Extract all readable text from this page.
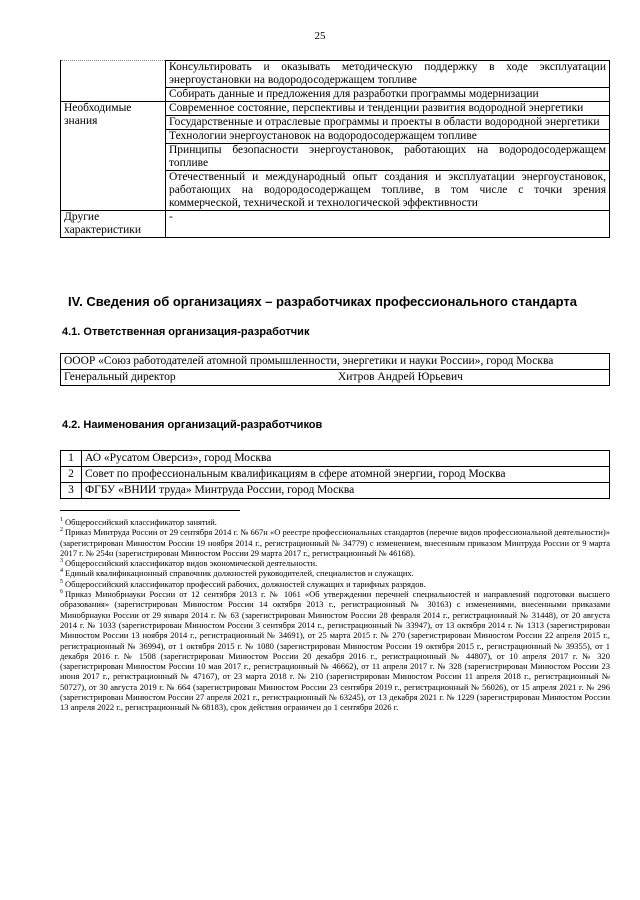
25
	Консультировать и оказывать методическую поддержку в ходе эксплуатации энергоустановки на водородосодержащем топливе
	Собирать данные и предложения для разработки программы модернизации
Необходимые знания	Современное состояние, перспективы и тенденции развития водородной энергетики
	Государственные и отраслевые программы и проекты в области водородной энергетики
	Технологии энергоустановок на водородосодержащем топливе
	Принципы безопасности энергоустановок, работающих на водородосодержащем топливе
	Отечественный и международный опыт создания и эксплуатации энергоустановок, работающих на водородосодержащем топливе, в том числе с точки зрения коммерческой, технической и технологической эффективности
Другие характеристики	-
IV. Сведения об организациях – разработчиках профессионального стандарта
4.1. Ответственная организация-разработчик
ОООР «Союз работодателей атомной промышленности, энергетики и науки России», город Москва
Генеральный директор	Хитров Андрей Юрьевич
4.2. Наименования организаций-разработчиков
1	АО «Русатом Оверсиз», город Москва
2	Совет по профессиональным квалификациям в сфере атомной энергии, город Москва
3	ФГБУ «ВНИИ труда» Минтруда России, город Москва

$^1$ Общероссийский классификатор занятий.

$^2$ Приказ Минтруда России от 29 сентября 2014 г. № 667н «О реестре профессиональных стандартов (перечне видов профессиональной деятельности)» (зарегистрирован Минюстом России 19 ноября 2014 г., регистрационный № 34779) с изменением, внесенным приказом Минтруда России от 9 марта 2017 г. № 254н (зарегистрирован Минюстом России 29 марта 2017 г., регистрационный № 46168).

$^3$ Общероссийский классификатор видов экономической деятельности.

$^4$ Единый квалификационный справочник должностей руководителей, специалистов и служащих.

$^5$ Общероссийский классификатор профессий рабочих, должностей служащих и тарифных разрядов.

$^6$ Приказ Минобрнауки России от 12 сентября 2013 г. № 1061 «Об утверждении перечней специальностей и направлений подготовки высшего образования» (зарегистрирован Минюстом России 14 октября 2013 г., регистрационный № 30163) с изменениями, внесенными приказами Минобрнауки России от 29 января 2014 г. № 63 (зарегистрирован Минюстом России 28 февраля 2014 г., регистрационный № 31448), от 20 августа 2014 г. № 1033 (зарегистрирован Минюстом России 3 сентября 2014 г., регистрационный № 33947), от 13 октября 2014 г. № 1313 (зарегистрирован Минюстом России 13 ноября 2014 г., регистрационный № 34691), от 25 марта 2015 г. № 270 (зарегистрирован Минюстом России 22 апреля 2015 г., регистрационный № 36994), от 1 октября 2015 г. № 1080 (зарегистрирован Минюстом России 19 октября 2015 г., регистрационный № 39355), от 1 декабря 2016 г. № 1508 (зарегистрирован Минюстом России 20 декабря 2016 г., регистрационный № 44807), от 10 апреля 2017 г. № 320 (зарегистрирован Минюстом России 10 мая 2017 г., регистрационный № 46662), от 11 апреля 2017 г. № 328 (зарегистрирован Минюстом России 23 июня 2017 г., регистрационный № 47167), от 23 марта 2018 г. № 210 (зарегистрирован Минюстом России 11 апреля 2018 г., регистрационный № 50727), от 30 августа 2019 г. № 664 (зарегистрирован Минюстом России 23 сентября 2019 г., регистрационный № 56026), от 15 апреля 2021 г. № 296 (зарегистрирован Минюстом России 27 апреля 2021 г., регистрационный № 63245), от 13 декабря 2021 г. № 1229 (зарегистрирован Минюстом России 13 апреля 2022 г., регистрационный № 68183), срок действия ограничен до 1 сентября 2026 г.
